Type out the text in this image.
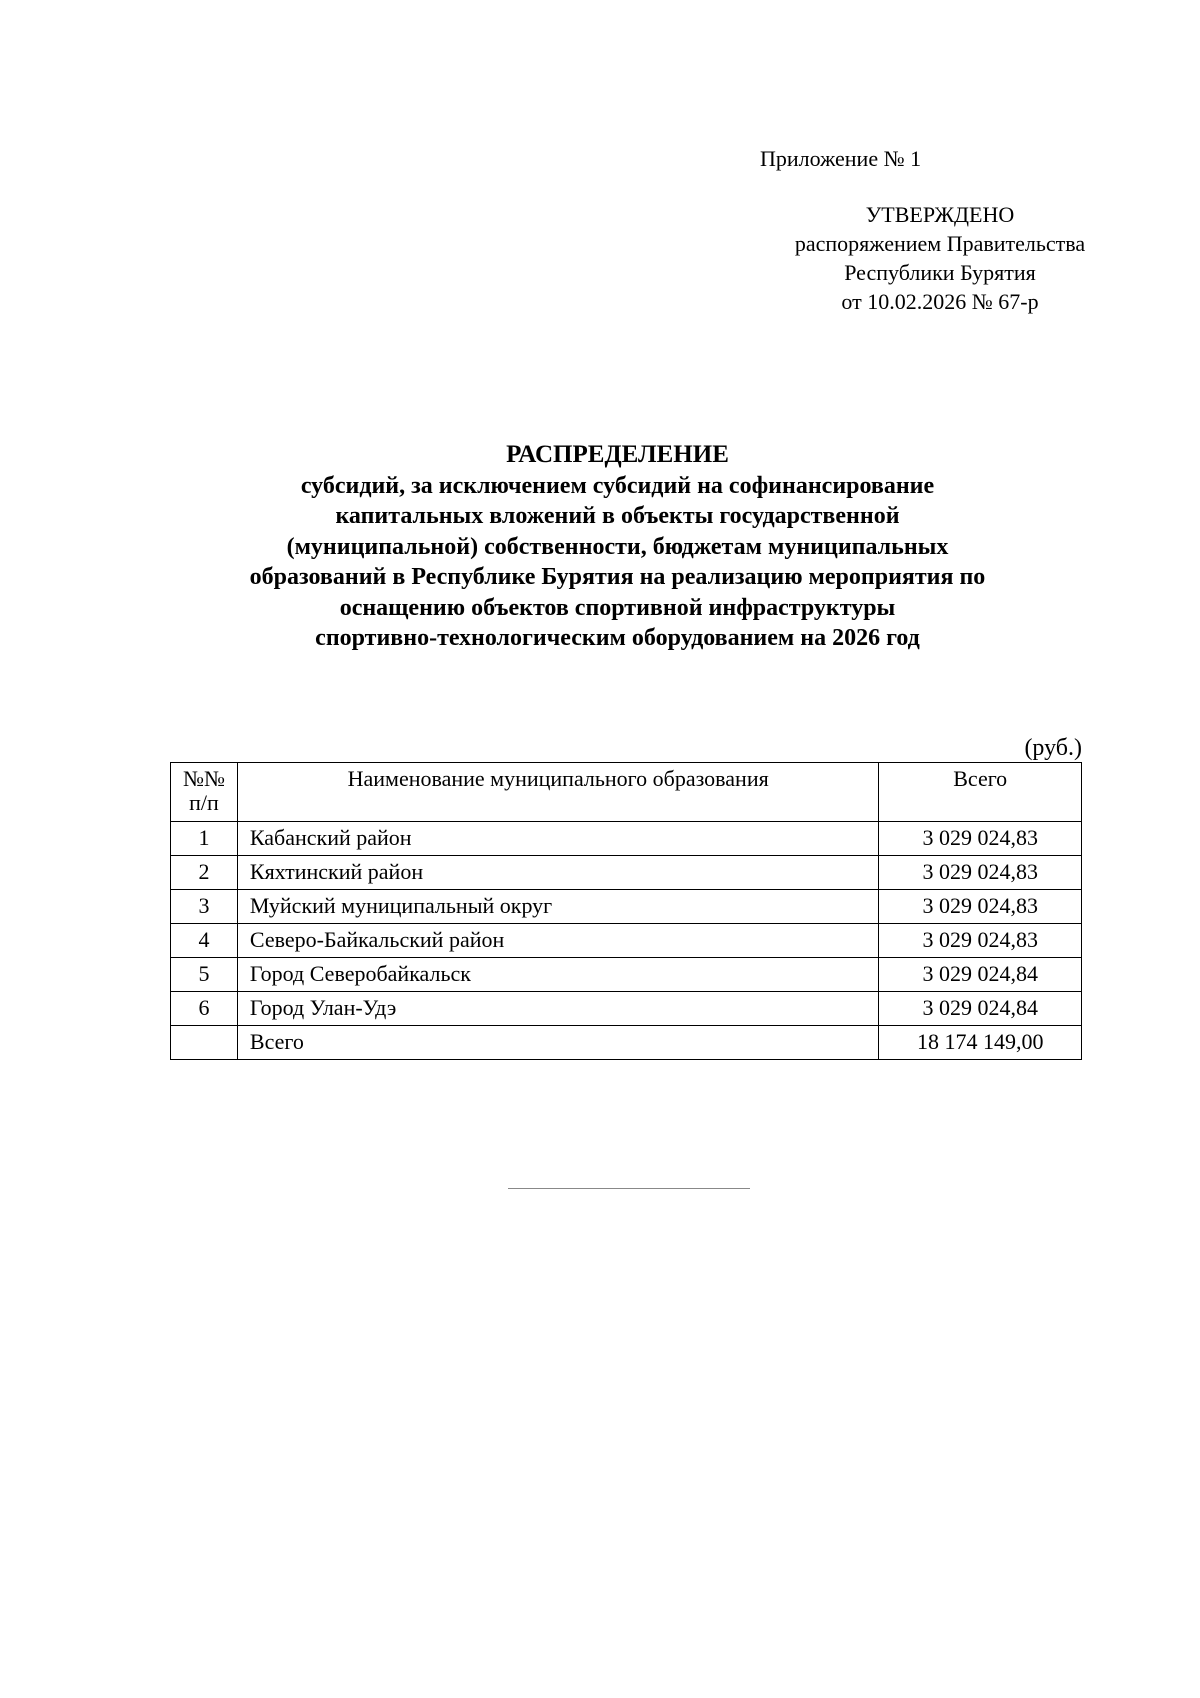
Приложение № 1
УТВЕРЖДЕНО
распоряжением Правительства
Республики Бурятия
от 10.02.2026 № 67-р
РАСПРЕДЕЛЕНИЕ
субсидий, за исключением субсидий на софинансирование
капитальных вложений в объекты государственной
(муниципальной) собственности, бюджетам муниципальных
образований в Республике Бурятия на реализацию мероприятия по
оснащению объектов спортивной инфраструктуры
спортивно-технологическим оборудованием на 2026 год
(руб.)
№№
п/п	Наименование муниципального образования	Всего
1	Кабанский район	3 029 024,83
2	Кяхтинский район	3 029 024,83
3	Муйский муниципальный округ	3 029 024,83
4	Северо-Байкальский район	3 029 024,83
5	Город Северобайкальск	3 029 024,84
6	Город Улан-Удэ	3 029 024,84
	Всего	18 174 149,00
